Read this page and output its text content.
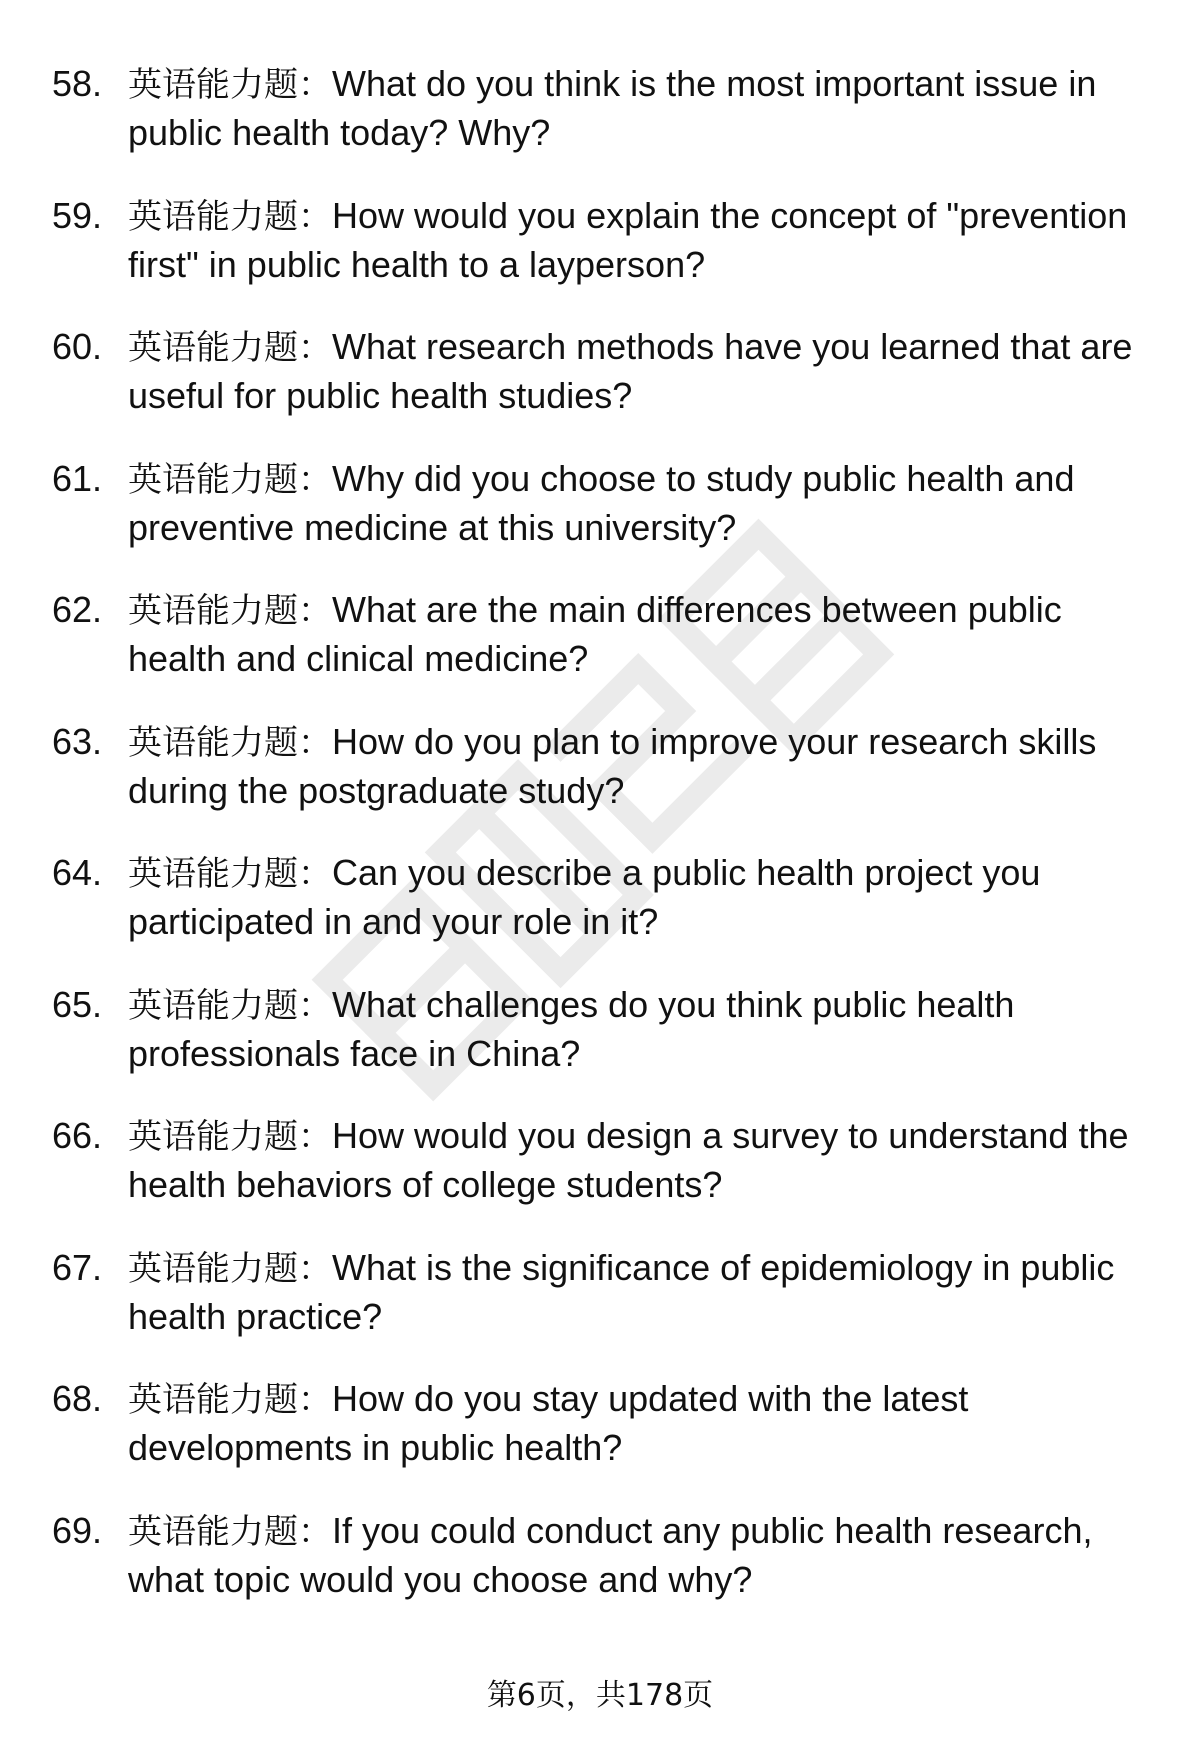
58. 英语能力题：What do you think is the most important issue in public health today? Why?
59. 英语能力题：How would you explain the concept of "prevention first" in public health to a layperson?
60. 英语能力题：What research methods have you learned that are useful for public health studies?
61. 英语能力题：Why did you choose to study public health and preventive medicine at this university?
62. 英语能力题：What are the main differences between public health and clinical medicine?
63. 英语能力题：How do you plan to improve your research skills during the postgraduate study?
64. 英语能力题：Can you describe a public health project you participated in and your role in it?
65. 英语能力题：What challenges do you think public health professionals face in China?
66. 英语能力题：How would you design a survey to understand the health behaviors of college students?
67. 英语能力题：What is the significance of epidemiology in public health practice?
68. 英语能力题：How do you stay updated with the latest developments in public health?
69. 英语能力题：If you could conduct any public health research, what topic would you choose and why?
第6页，共178页
